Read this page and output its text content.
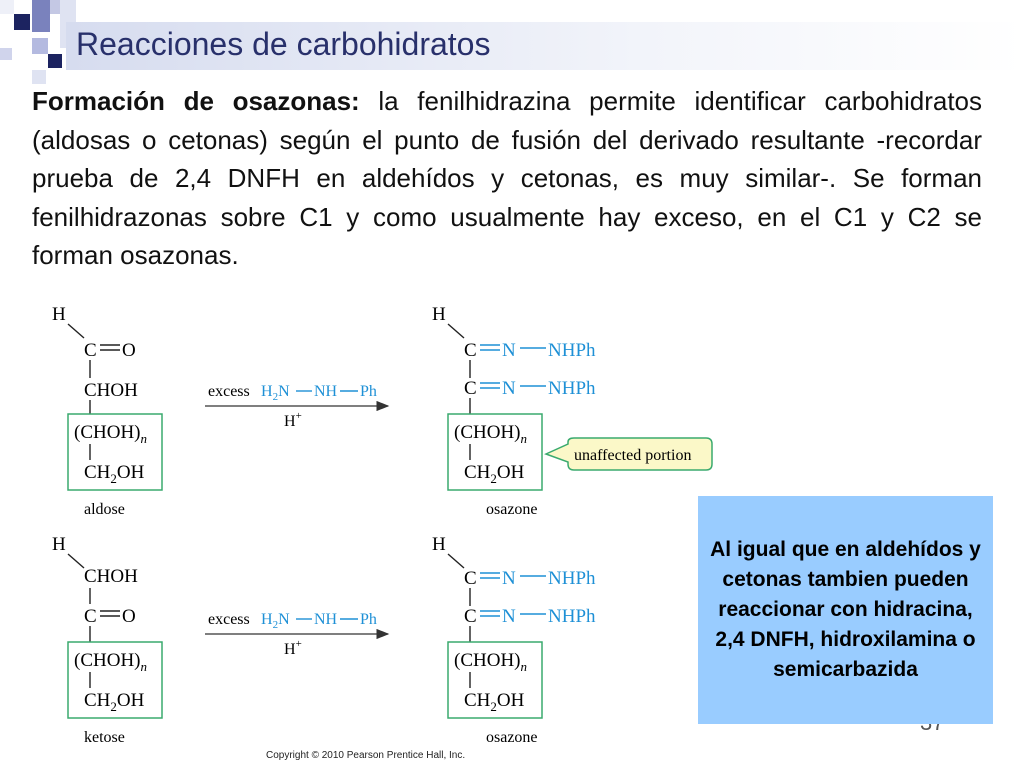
Reacciones de carbohidratos
Formación de osazonas: la fenilhidrazina permite identificar carbohidratos (aldosas o cetonas) según el punto de fusión del derivado resultante -recordar prueba de 2,4 DNFH en aldehídos y cetonas, es muy similar-. Se forman fenilhidrazonas sobre C1 y como usualmente hay exceso, en el C1 y C2 se forman osazonas.
H
C O
CHOH
$(CHOH)_n$
$CH_2OH$
aldose
excess $H_2N$ NH Ph
H+
H
C N NHPh
C N NHPh
$(CHOH)_n$
$CH_2OH$
osazone
unaffected portion
H
CHOH
C O
$(CHOH)_n$
$CH_2OH$
ketose
excess $H_2N$ NH Ph
H+
H
C N NHPh
C N NHPh
$(CHOH)_n$
$CH_2OH$
osazone
Al igual que en aldehídos y cetonas tambien pueden reaccionar con hidracina, 2,4 DNFH, hidroxilamina o semicarbazida
Copyright © 2010 Pearson Prentice Hall, Inc.
